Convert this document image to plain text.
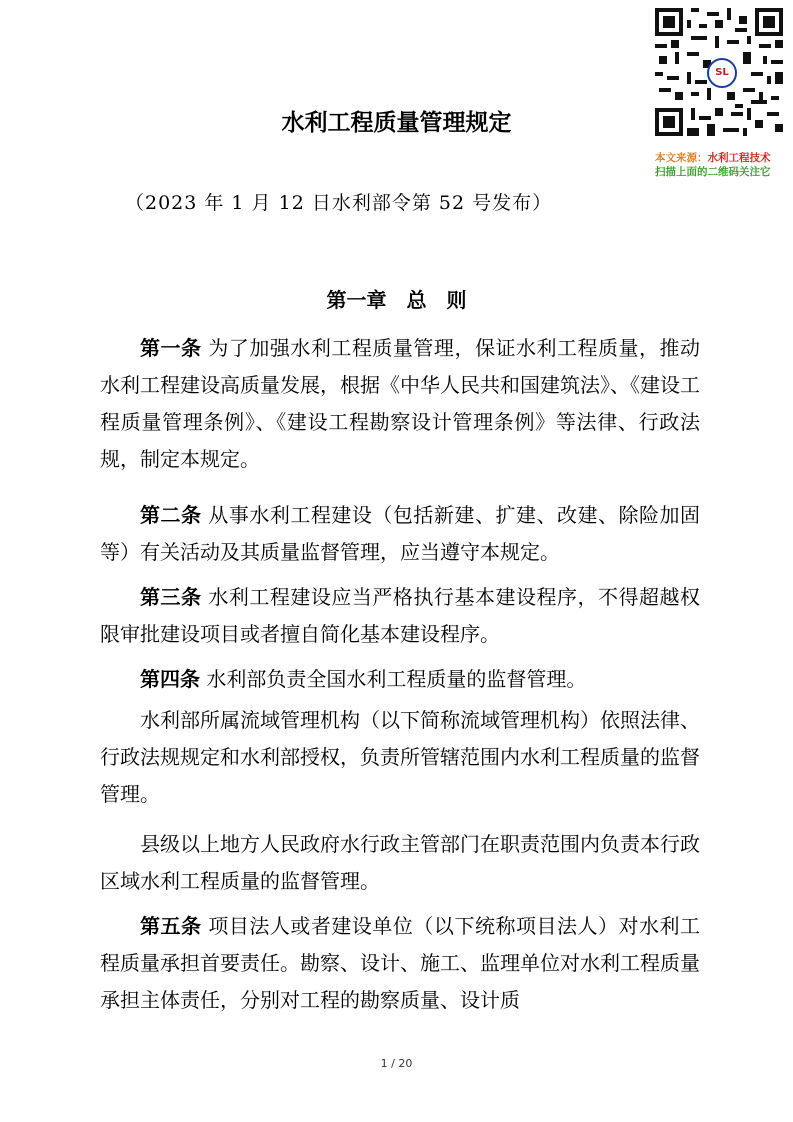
SL
本文来源：水利工程技术
扫描上面的二维码关注它
水利工程质量管理规定
（2023 年 1 月 12 日水利部令第 52 号发布）
第一章　总　则
第一条 为了加强水利工程质量管理，保证水利工程质量，推动水利工程建设高质量发展，根据《中华人民共和国建筑法》、《建设工程质量管理条例》、《建设工程勘察设计管理条例》等法律、行政法规，制定本规定。
第二条 从事水利工程建设（包括新建、扩建、改建、除险加固等）有关活动及其质量监督管理，应当遵守本规定。
第三条 水利工程建设应当严格执行基本建设程序，不得超越权限审批建设项目或者擅自简化基本建设程序。
第四条 水利部负责全国水利工程质量的监督管理。
水利部所属流域管理机构（以下简称流域管理机构）依照法律、行政法规规定和水利部授权，负责所管辖范围内水利工程质量的监督管理。
县级以上地方人民政府水行政主管部门在职责范围内负责本行政区域水利工程质量的监督管理。
第五条 项目法人或者建设单位（以下统称项目法人）对水利工程质量承担首要责任。勘察、设计、施工、监理单位对水利工程质量承担主体责任，分别对工程的勘察质量、设计质
1 / 20
